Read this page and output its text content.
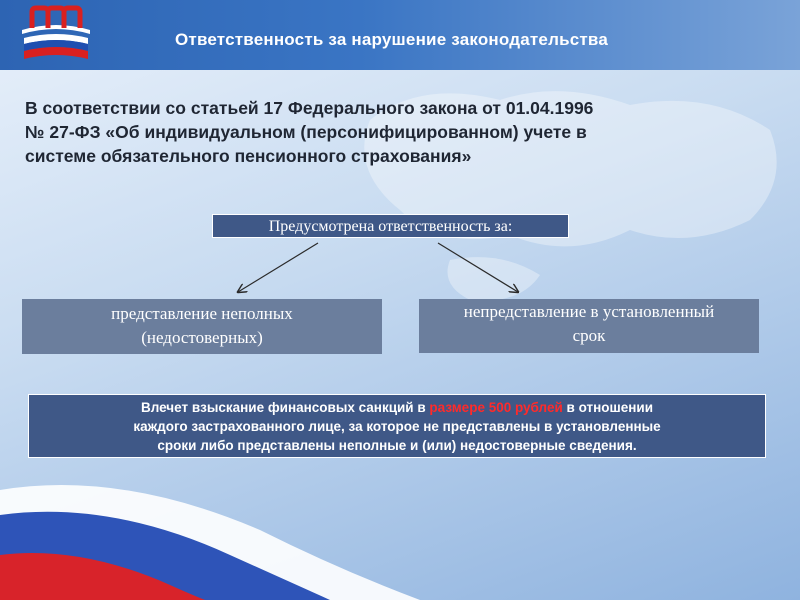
Ответственность за нарушение законодательства
В соответствии со статьей 17 Федерального закона от 01.04.1996
№ 27-ФЗ «Об индивидуальном (персонифицированном) учете в
системе обязательного пенсионного страхования»
Предусмотрена ответственность за:
представление неполных
(недостоверных)
непредставление в установленный
срок
Влечет взыскание финансовых санкций в размере 500 рублей в отношении
каждого застрахованного лице, за которое не представлены в установленные
сроки либо представлены неполные и (или) недостоверные сведения.
